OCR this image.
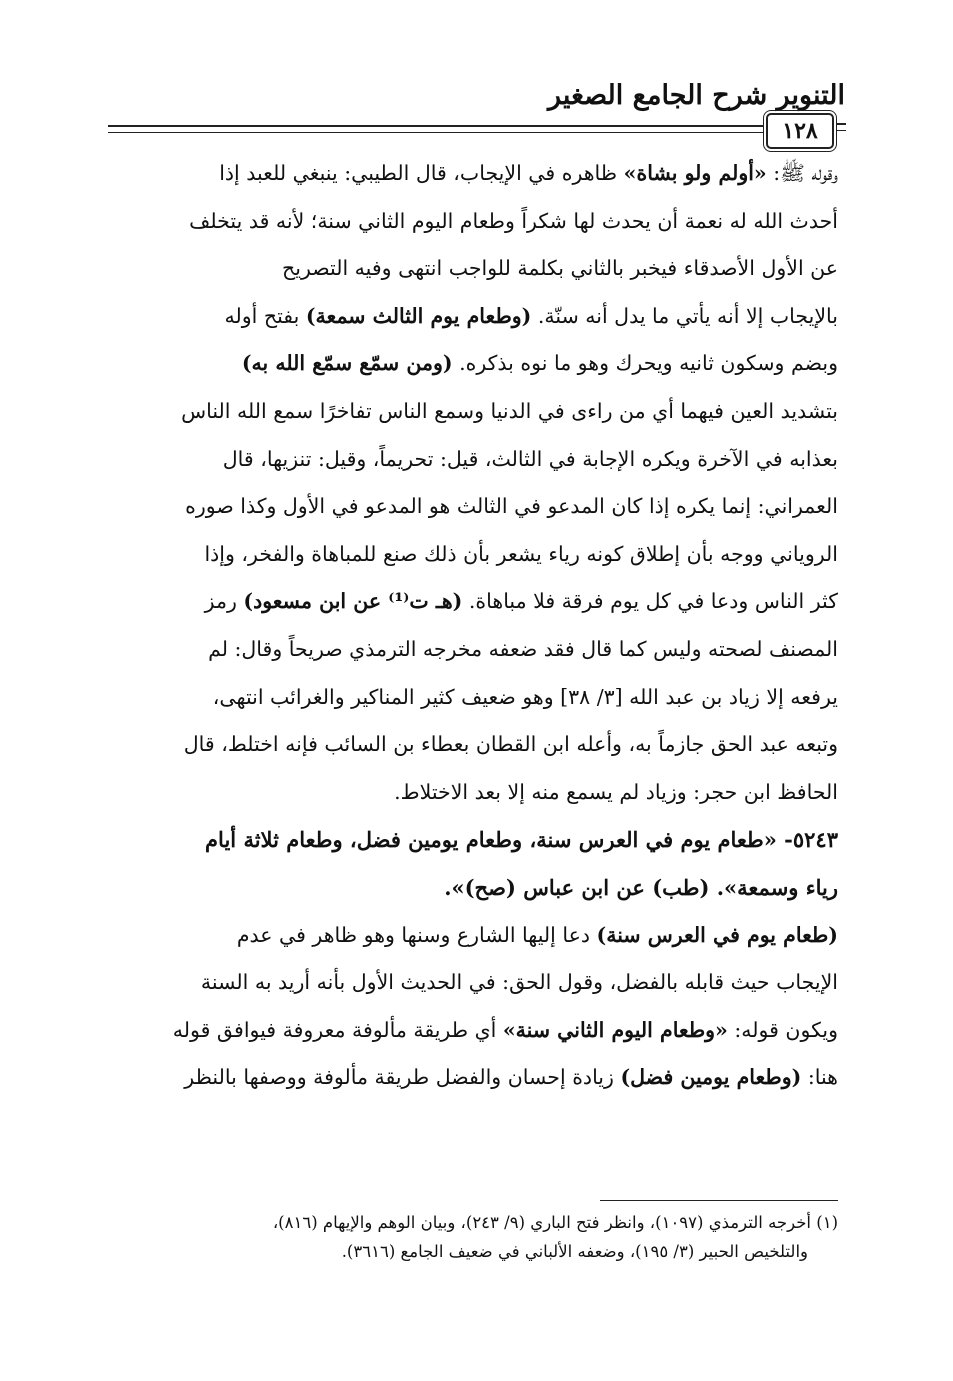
التنوير شرح الجامع الصغير
١٢٨
وقوله ﷺ: «أولم ولو بشاة» ظاهره في الإيجاب، قال الطيبي: ينبغي للعبد إذا
أحدث الله له نعمة أن يحدث لها شكراً وطعام اليوم الثاني سنة؛ لأنه قد يتخلف
عن الأول الأصدقاء فيخبر بالثاني بكلمة للواجب انتهى وفيه التصريح
بالإيجاب إلا أنه يأتي ما يدل أنه سنّة. (وطعام يوم الثالث سمعة) بفتح أوله
وبضم وسكون ثانيه ويحرك وهو ما نوه بذكره. (ومن سمّع سمّع الله به)
بتشديد العين فيهما أي من راءى في الدنيا وسمع الناس تفاخرًا سمع الله الناس
بعذابه في الآخرة ويكره الإجابة في الثالث، قيل: تحريماً، وقيل: تنزيها، قال
العمراني: إنما يكره إذا كان المدعو في الثالث هو المدعو في الأول وكذا صوره
الروياني ووجه بأن إطلاق كونه رياء يشعر بأن ذلك صنع للمباهاة والفخر، وإذا
كثر الناس ودعا في كل يوم فرقة فلا مباهاة. (هـ ت⁽¹⁾ عن ابن مسعود) رمز
المصنف لصحته وليس كما قال فقد ضعفه مخرجه الترمذي صريحاً وقال: لم
يرفعه إلا زياد بن عبد الله [٣/ ٣٨] وهو ضعيف كثير المناكير والغرائب انتهى،
وتبعه عبد الحق جازماً به، وأعله ابن القطان بعطاء بن السائب فإنه اختلط، قال
الحافظ ابن حجر: وزياد لم يسمع منه إلا بعد الاختلاط.
٥٢٤٣- «طعام يوم في العرس سنة، وطعام يومين فضل، وطعام ثلاثة أيام
رياء وسمعة». (طب) عن ابن عباس (صح)».
(طعام يوم في العرس سنة) دعا إليها الشارع وسنها وهو ظاهر في عدم
الإيجاب حيث قابله بالفضل، وقول الحق: في الحديث الأول بأنه أريد به السنة
ويكون قوله: «وطعام اليوم الثاني سنة» أي طريقة مألوفة معروفة فيوافق قوله
هنا: (وطعام يومين فضل) زيادة إحسان والفضل طريقة مألوفة ووصفها بالنظر
(١) أخرجه الترمذي (١٠٩٧)، وانظر فتح الباري (٩/ ٢٤٣)، وبيان الوهم والإيهام (٨١٦)،
والتلخيص الحبير (٣/ ١٩٥)، وضعفه الألباني في ضعيف الجامع (٣٦١٦).
